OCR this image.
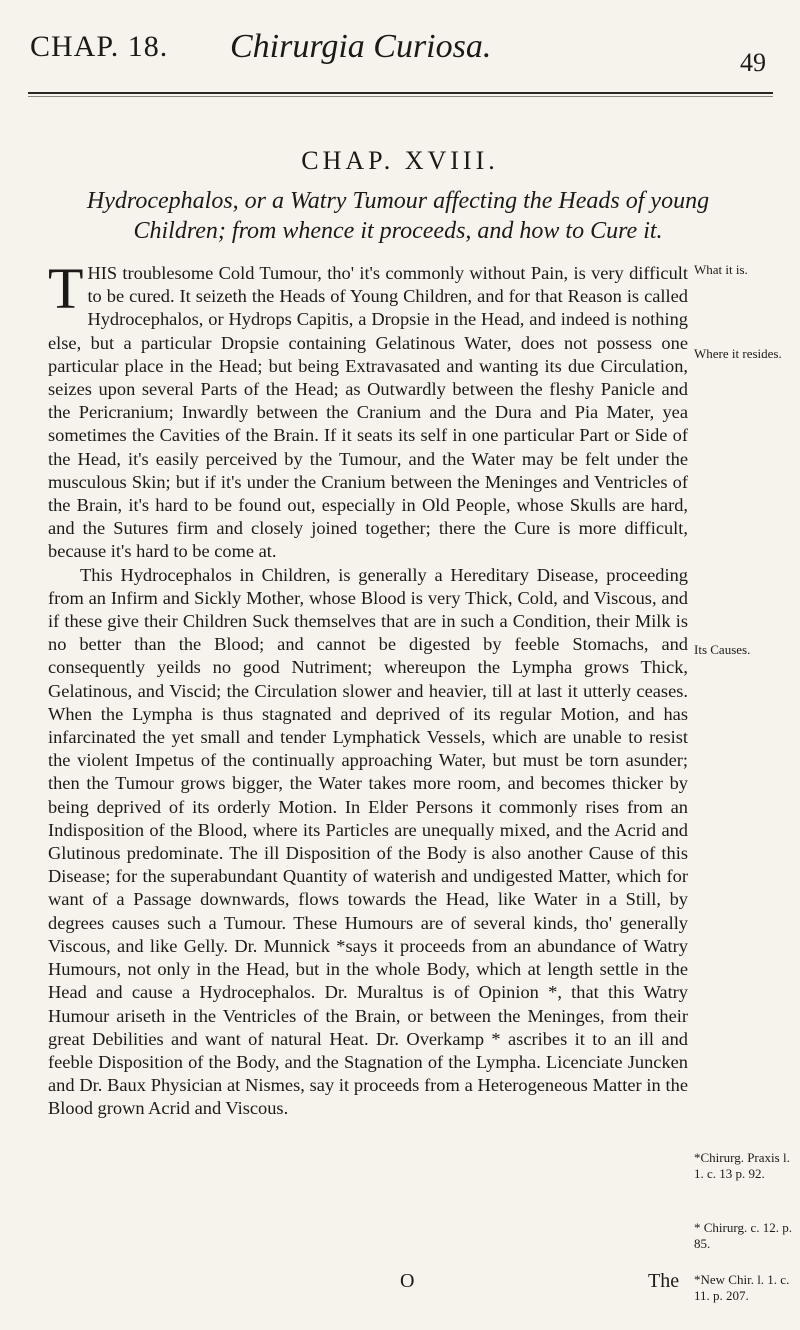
CHAP. 18. Chirurgia Curiosa.	49
CHAP. XVIII.
Hydrocephalos, or a Watry Tumour affecting the Heads of young Children; from whence it proceeds, and how to Cure it.

T HIS troublesome Cold Tumour, tho' it's commonly without Pain, is very difficult to be cured. It seizeth the Heads of Young Children, and for that Reason is called Hydrocephalos, or Hydrops Capitis, a Dropsie in the Head, and indeed is nothing else, but a particular Dropsie containing Gelatinous Water, does not possess one particular place in the Head; but being Extravasated and wanting its due Circulation, seizes upon several Parts of the Head; as Outwardly between the fleshy Panicle and the Pericranium; Inwardly between the Cranium and the Dura and Pia Mater, yea sometimes the Cavities of the Brain. If it seats its self in one particular Part or Side of the Head, it's easily perceived by the Tumour, and the Water may be felt under the musculous Skin; but if it's under the Cranium between the Meninges and Ventricles of the Brain, it's hard to be found out, especially in Old People, whose Skulls are hard, and the Sutures firm and closely joined together; there the Cure is more difficult, because it's hard to be come at.

This Hydrocephalos in Children, is generally a Hereditary Disease, proceeding from an Infirm and Sickly Mother, whose Blood is very Thick, Cold, and Viscous, and if these give their Children Suck themselves that are in such a Condition, their Milk is no better than the Blood; and cannot be digested by feeble Stomachs, and consequently yeilds no good Nutriment; whereupon the Lympha grows Thick, Gelatinous, and Viscid; the Circulation slower and heavier, till at last it utterly ceases. When the Lympha is thus stagnated and deprived of its regular Motion, and has infarcinated the yet small and tender Lymphatick Vessels, which are unable to resist the violent Impetus of the continually approaching Water, but must be torn asunder; then the Tumour grows bigger, the Water takes more room, and becomes thicker by being deprived of its orderly Motion. In Elder Persons it commonly rises from an Indisposition of the Blood, where its Particles are unequally mixed, and the Acrid and Glutinous predominate. The ill Disposition of the Body is also another Cause of this Disease; for the superabundant Quantity of waterish and undigested Matter, which for want of a Passage downwards, flows towards the Head, like Water in a Still, by degrees causes such a Tumour. These Humours are of several kinds, tho' generally Viscous, and like Gelly. Dr. Munnick *says it proceeds from an abundance of Watry Humours, not only in the Head, but in the whole Body, which at length settle in the Head and cause a Hydrocephalos. Dr. Muraltus is of Opinion *, that this Watry Humour ariseth in the Ventricles of the Brain, or between the Meninges, from their great Debilities and want of natural Heat. Dr. Overkamp * ascribes it to an ill and feeble Disposition of the Body, and the Stagnation of the Lympha. Licenciate Juncken and Dr. Baux Physician at Nismes, say it proceeds from a Heterogeneous Matter in the Blood grown Acrid and Viscous.

What it is.
Where it resides.
Its Causes.
*Chirurg. Praxis l. 1. c. 13 p. 92.
* Chirurg. c. 12. p. 85.
*New Chir. l. 1. c. 11. p. 207.
O	The
